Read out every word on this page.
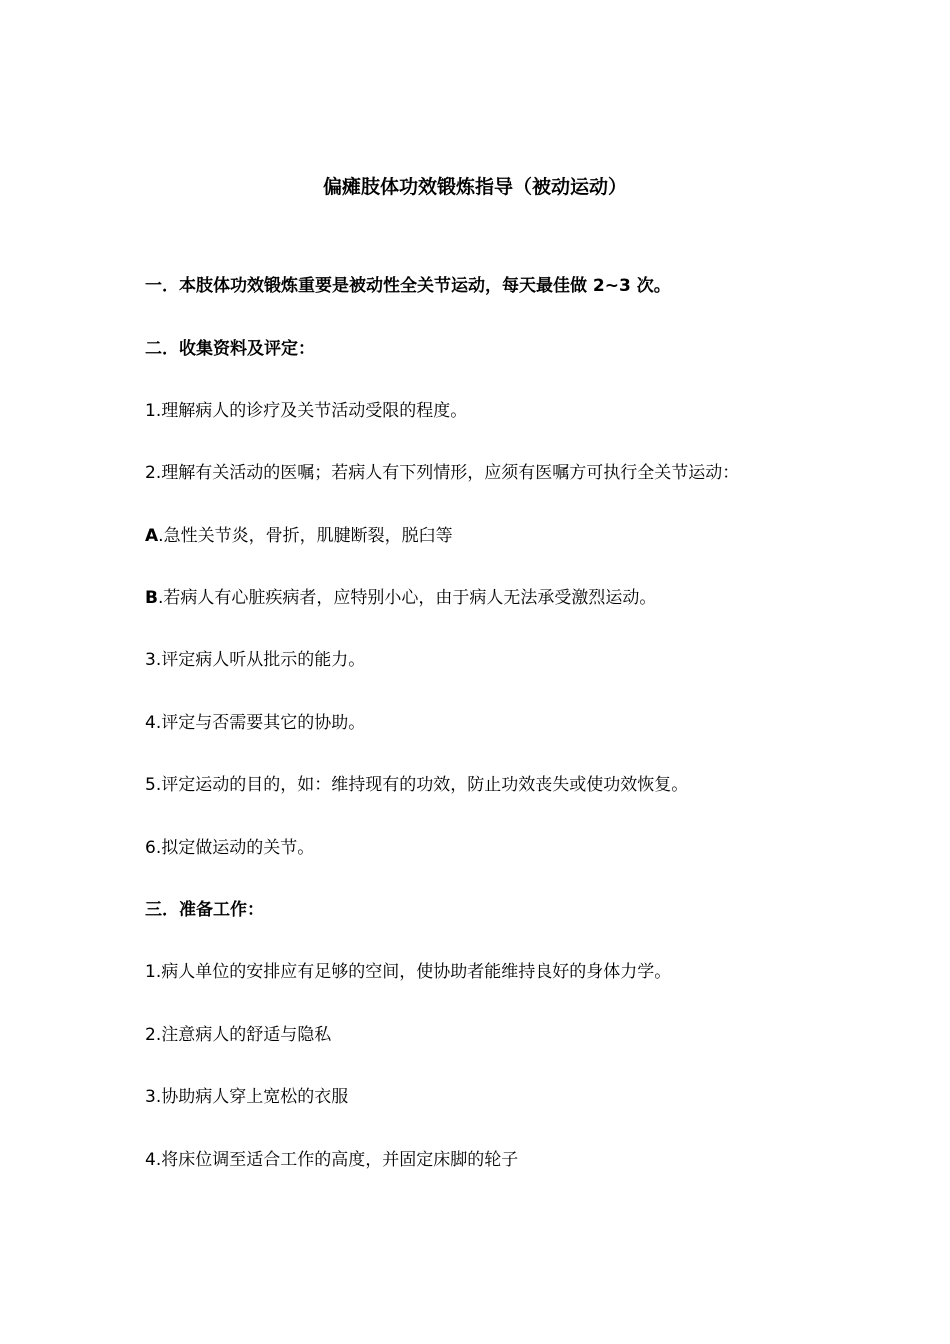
偏瘫肢体功效锻炼指导（被动运动）
一．本肢体功效锻炼重要是被动性全关节运动，每天最佳做 2~3 次。
二．收集资料及评定：
1.理解病人的诊疗及关节活动受限的程度。
2.理解有关活动的医嘱；若病人有下列情形，应须有医嘱方可执行全关节运动：
A.急性关节炎，骨折，肌腱断裂，脱臼等
B.若病人有心脏疾病者，应特别小心，由于病人无法承受激烈运动。
3.评定病人听从批示的能力。
4.评定与否需要其它的协助。
5.评定运动的目的，如：维持现有的功效，防止功效丧失或使功效恢复。
6.拟定做运动的关节。
三．准备工作：
1.病人单位的安排应有足够的空间，使协助者能维持良好的身体力学。
2.注意病人的舒适与隐私
3.协助病人穿上宽松的衣服
4.将床位调至适合工作的高度，并固定床脚的轮子
